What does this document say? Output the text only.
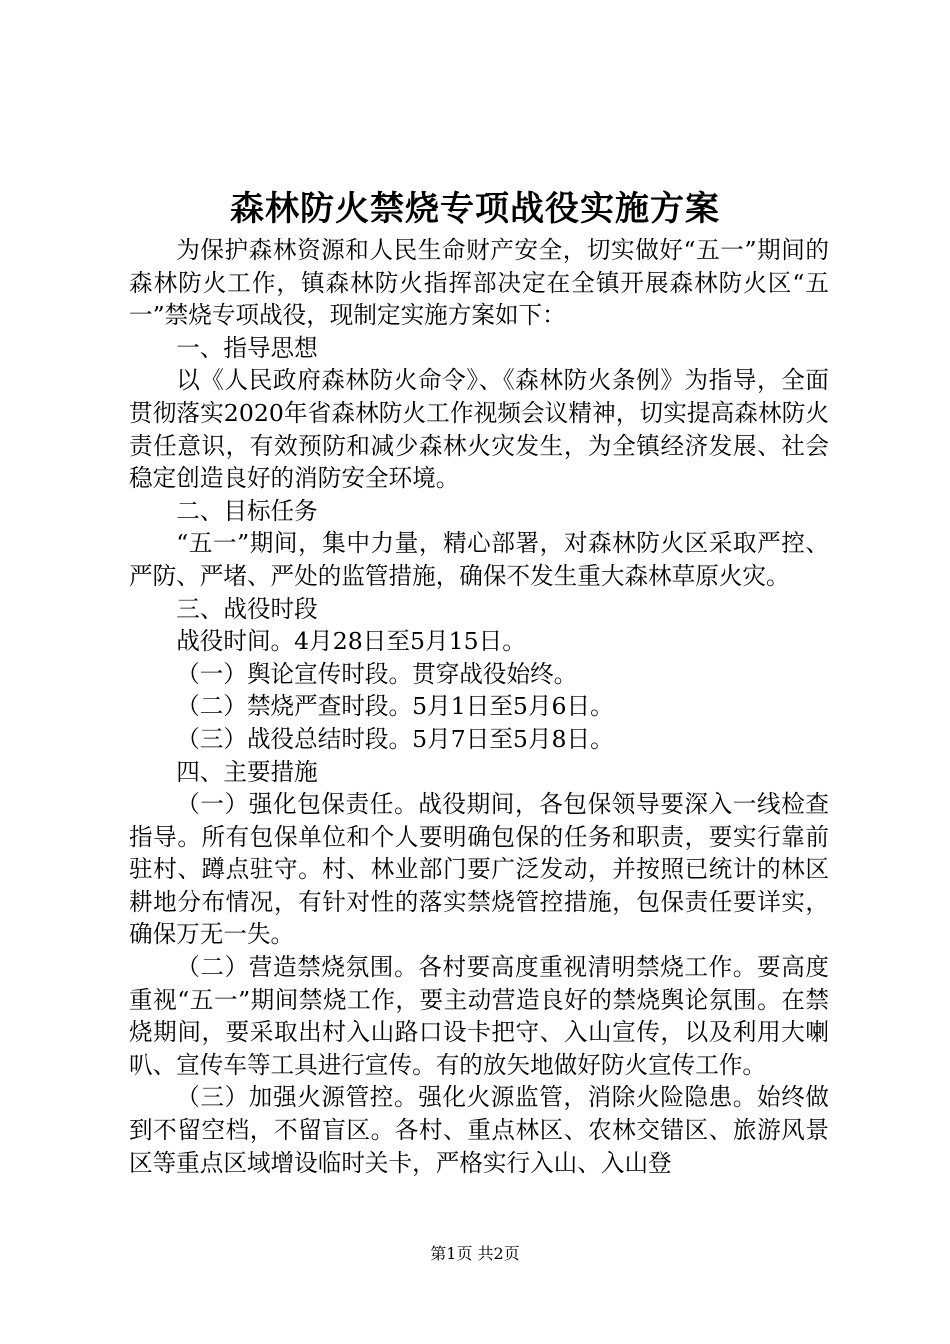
森林防火禁烧专项战役实施方案

为保护森林资源和人民生命财产安全，切实做好“五一”期间的森林防火工作，镇森林防火指挥部决定在全镇开展森林防火区“五一”禁烧专项战役，现制定实施方案如下：

一、指导思想

以《人民政府森林防火命令》、《森林防火条例》为指导，全面贯彻落实2020年省森林防火工作视频会议精神，切实提高森林防火责任意识，有效预防和减少森林火灾发生，为全镇经济发展、社会稳定创造良好的消防安全环境。

二、目标任务

“五一”期间，集中力量，精心部署，对森林防火区采取严控、严防、严堵、严处的监管措施，确保不发生重大森林草原火灾。

三、战役时段

战役时间。4月28日至5月15日。

（一）舆论宣传时段。贯穿战役始终。

（二）禁烧严查时段。5月1日至5月6日。

（三）战役总结时段。5月7日至5月8日。

四、主要措施

（一）强化包保责任。战役期间，各包保领导要深入一线检查指导。所有包保单位和个人要明确包保的任务和职责，要实行靠前驻村、蹲点驻守。村、林业部门要广泛发动，并按照已统计的林区耕地分布情况，有针对性的落实禁烧管控措施，包保责任要详实，确保万无一失。

（二）营造禁烧氛围。各村要高度重视清明禁烧工作。要高度重视“五一”期间禁烧工作，要主动营造良好的禁烧舆论氛围。在禁烧期间，要采取出村入山路口设卡把守、入山宣传，以及利用大喇叭、宣传车等工具进行宣传。有的放矢地做好防火宣传工作。

（三）加强火源管控。强化火源监管，消除火险隐患。始终做到不留空档，不留盲区。各村、重点林区、农林交错区、旅游风景区等重点区域增设临时关卡，严格实行入山、入山登

第1页 共2页
